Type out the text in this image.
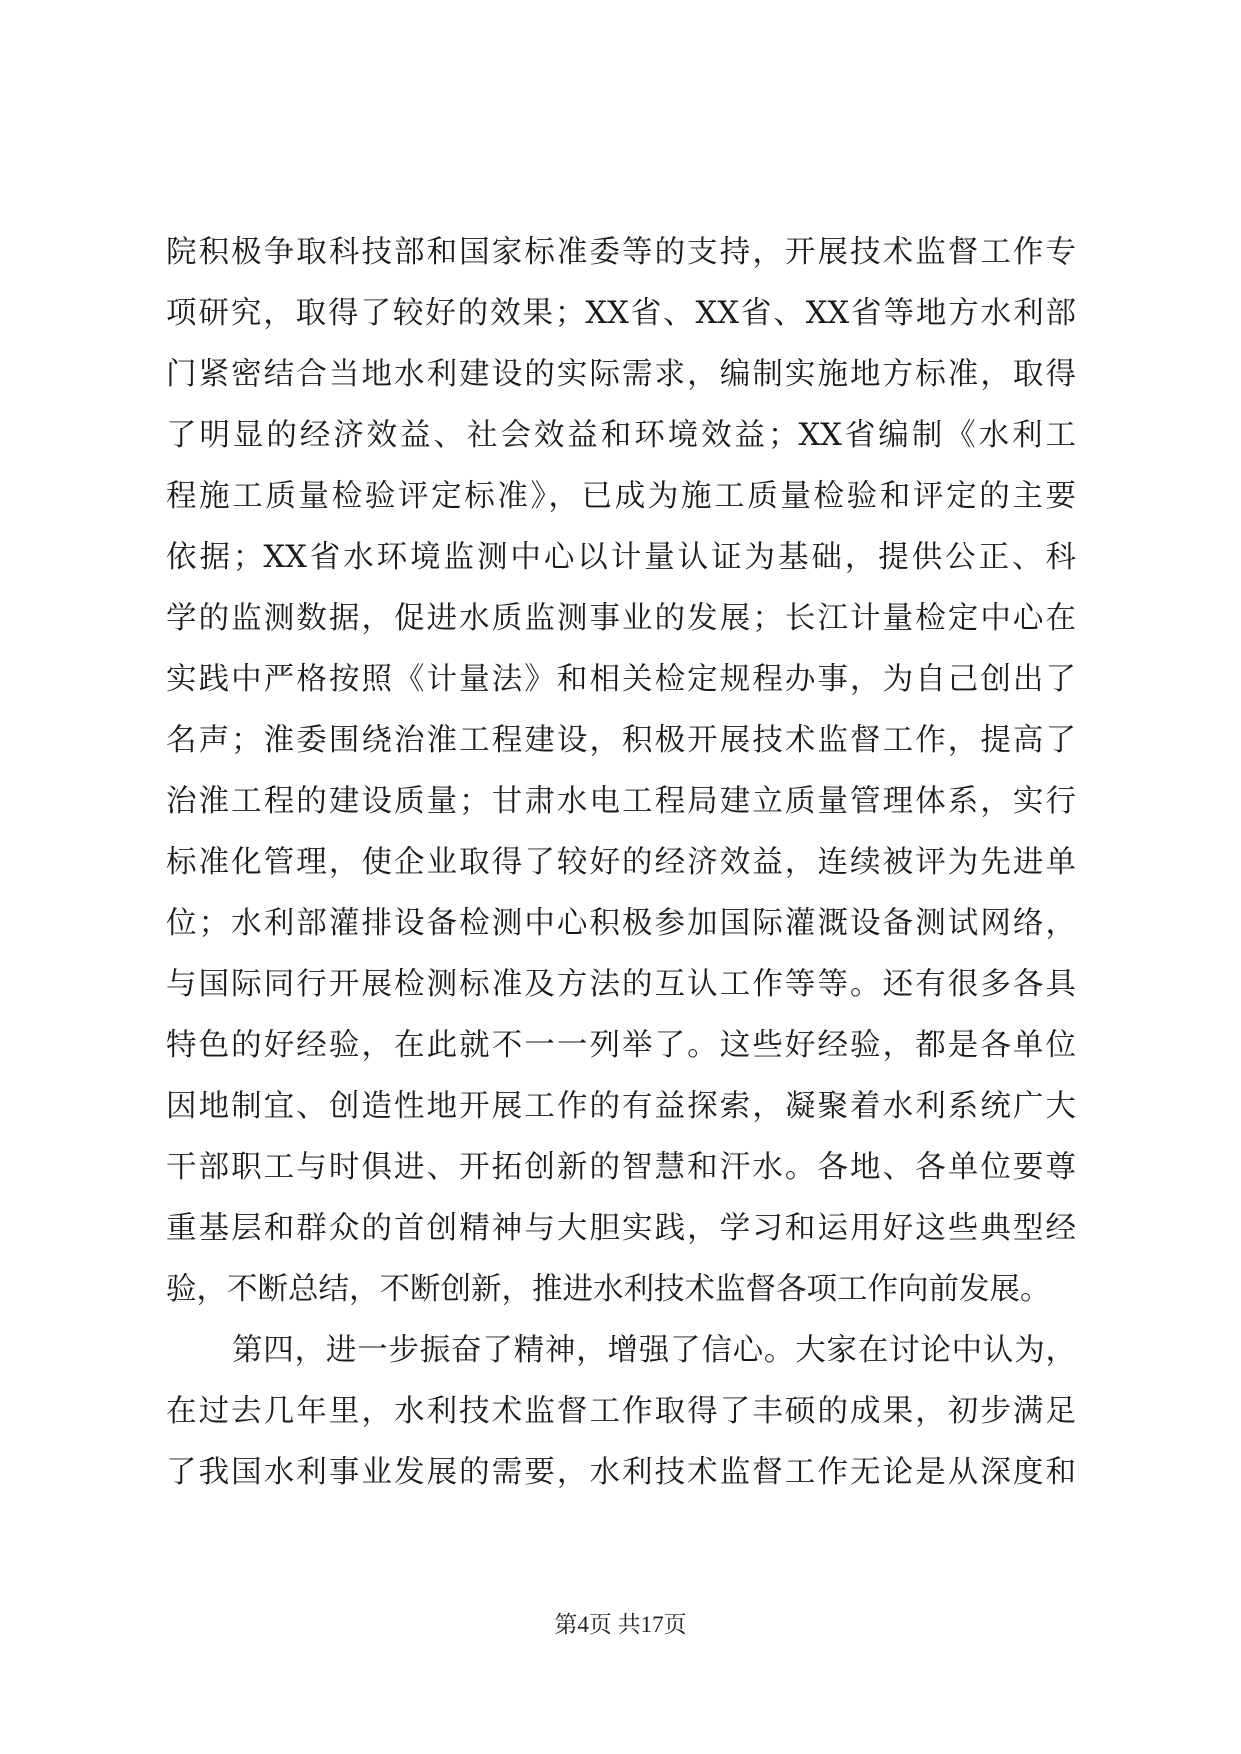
院积极争取科技部和国家标准委等的支持，开展技术监督工作专
项研究，取得了较好的效果；XX省、XX省、XX省等地方水利部
门紧密结合当地水利建设的实际需求，编制实施地方标准，取得
了明显的经济效益、社会效益和环境效益；XX省编制《水利工
程施工质量检验评定标准》，已成为施工质量检验和评定的主要
依据；XX省水环境监测中心以计量认证为基础，提供公正、科
学的监测数据，促进水质监测事业的发展；长江计量检定中心在
实践中严格按照《计量法》和相关检定规程办事，为自己创出了
名声；淮委围绕治淮工程建设，积极开展技术监督工作，提高了
治淮工程的建设质量；甘肃水电工程局建立质量管理体系，实行
标准化管理，使企业取得了较好的经济效益，连续被评为先进单
位；水利部灌排设备检测中心积极参加国际灌溉设备测试网络，
与国际同行开展检测标准及方法的互认工作等等。还有很多各具
特色的好经验，在此就不一一列举了。这些好经验，都是各单位
因地制宜、创造性地开展工作的有益探索，凝聚着水利系统广大
干部职工与时俱进、开拓创新的智慧和汗水。各地、各单位要尊
重基层和群众的首创精神与大胆实践，学习和运用好这些典型经
验，不断总结，不断创新，推进水利技术监督各项工作向前发展。
第四，进一步振奋了精神，增强了信心。大家在讨论中认为，
在过去几年里，水利技术监督工作取得了丰硕的成果，初步满足
了我国水利事业发展的需要，水利技术监督工作无论是从深度和
第4页 共17页
